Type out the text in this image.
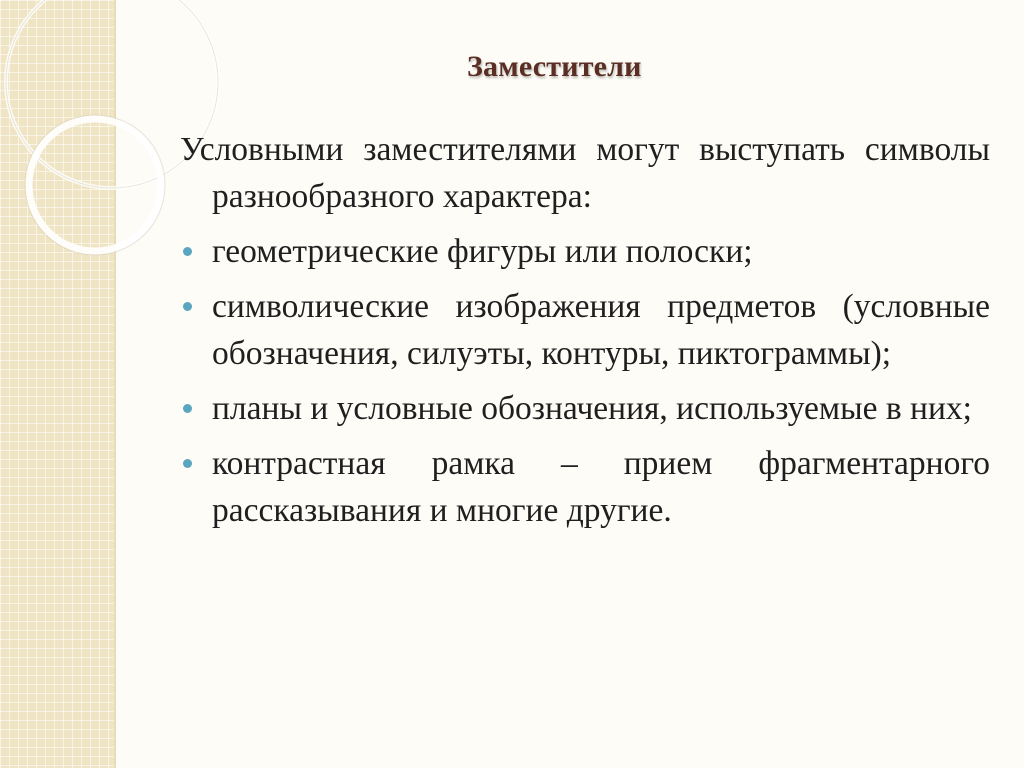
Заместители

Условными заместителями могут выступать символы разнообразного характера:

геометрические фигуры или полоски;
символические изображения предметов (условные обозначения, силуэты, контуры, пиктограммы);
планы и условные обозначения, используемые в них;
контрастная рамка – прием фрагментарного рассказывания и многие другие.
